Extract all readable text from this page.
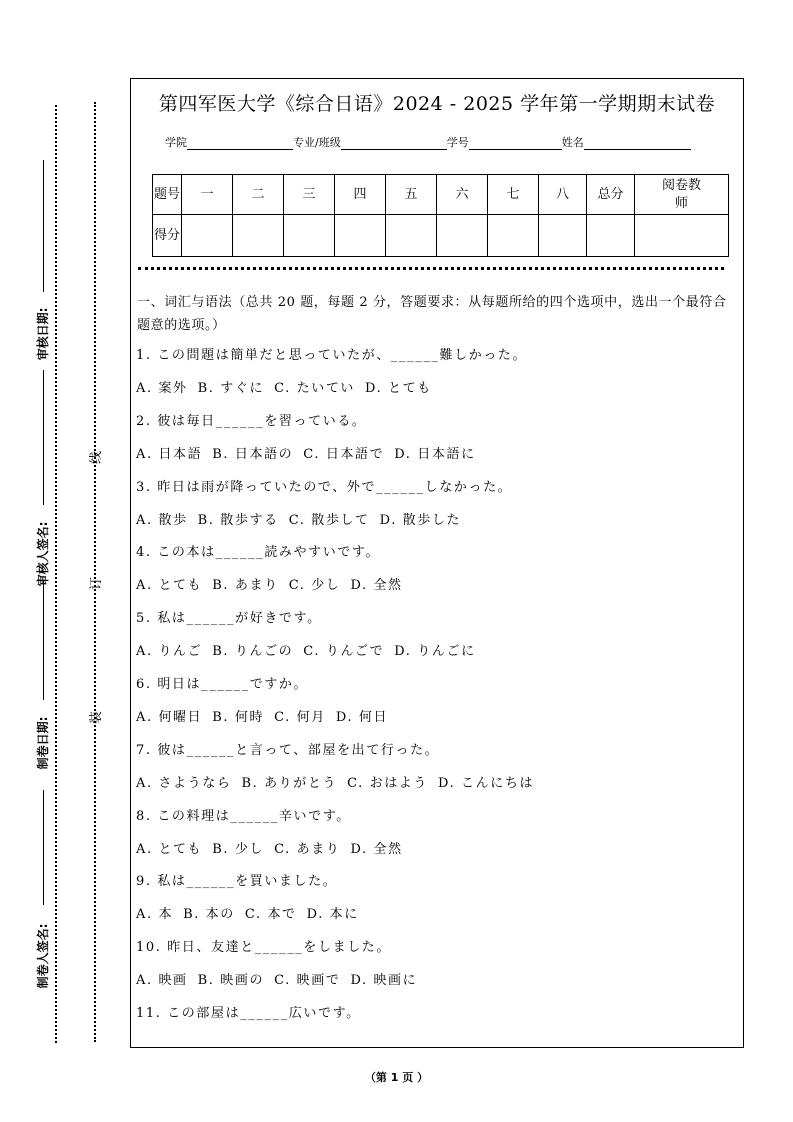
审核日期:
审核人签名:
制卷日期:
制卷人签名:
线
订
装
第四军医大学《综合日语》2024 - 2025 学年第一学期期末试卷
学院	专业/班级	学号	姓名
题号	一	二	三	四	五	六	七	八	总分	阅卷教师
得分										
一、词汇与语法（总共 20 题，每题 2 分，答题要求：从每题所给的四个选项中，选出一个最符合题意的选项。）
1. この問題は簡単だと思っていたが、______難しかった。
A. 案外 B. すぐに C. たいてい D. とても
2. 彼は毎日______を習っている。
A. 日本語 B. 日本語の C. 日本語で D. 日本語に
3. 昨日は雨が降っていたので、外で______しなかった。
A. 散歩 B. 散歩する C. 散歩して D. 散歩した
4. この本は______読みやすいです。
A. とても B. あまり C. 少し D. 全然
5. 私は______が好きです。
A. りんご B. りんごの C. りんごで D. りんごに
6. 明日は______ですか。
A. 何曜日 B. 何時 C. 何月 D. 何日
7. 彼は______と言って、部屋を出て行った。
A. さようなら B. ありがとう C. おはよう D. こんにちは
8. この料理は______辛いです。
A. とても B. 少し C. あまり D. 全然
9. 私は______を買いました。
A. 本 B. 本の C. 本で D. 本に
10. 昨日、友達と______をしました。
A. 映画 B. 映画の C. 映画で D. 映画に
11. この部屋は______広いです。
（第 1 页 ）
